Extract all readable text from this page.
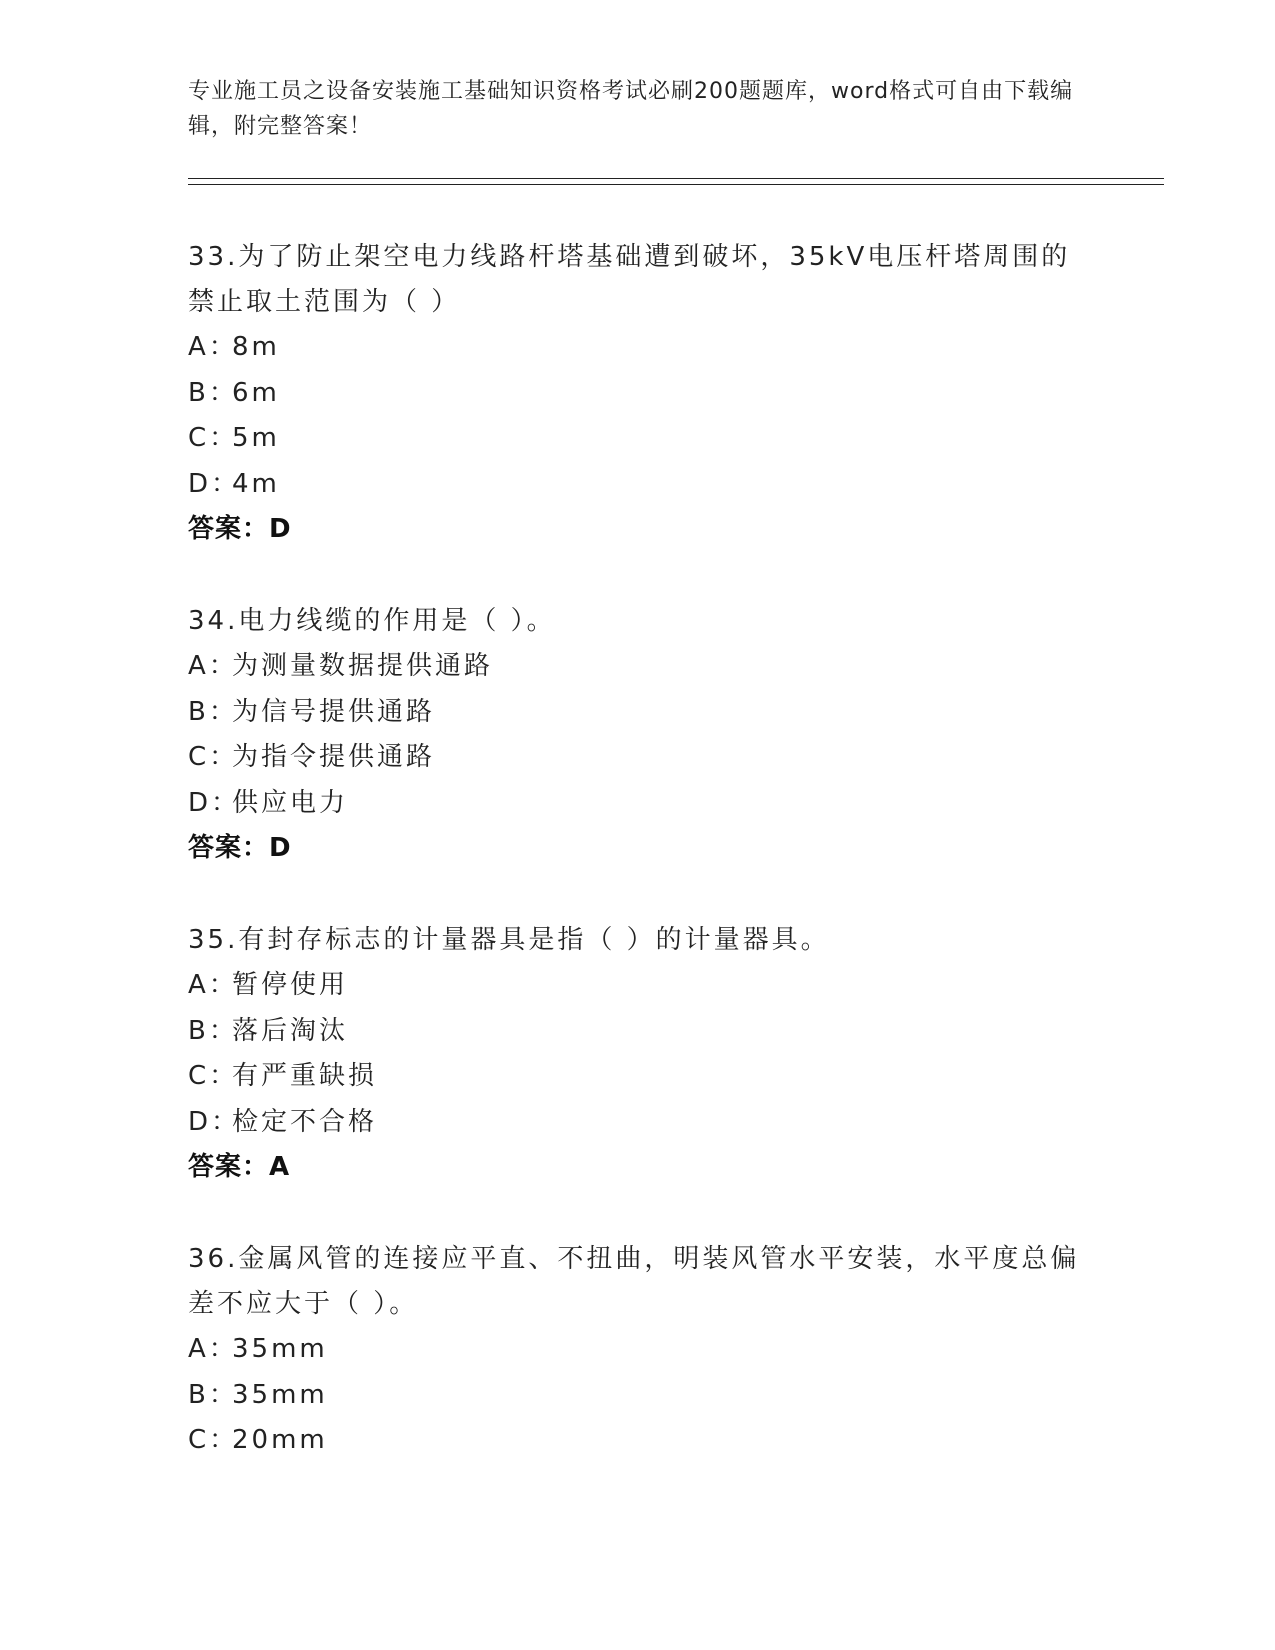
专业施工员之设备安装施工基础知识资格考试必刷200题题库，word格式可自由下载编辑，附完整答案！

33.为了防止架空电力线路杆塔基础遭到破坏，35kV电压杆塔周围的禁止取土范围为（ ）

A：8m
B：6m
C：5m
D：4m
答案：D

34.电力线缆的作用是（ ）。

A：为测量数据提供通路
B：为信号提供通路
C：为指令提供通路
D：供应电力
答案：D

35.有封存标志的计量器具是指（ ）的计量器具。

A：暂停使用
B：落后淘汰
C：有严重缺损
D：检定不合格
答案：A

36.金属风管的连接应平直、不扭曲，明装风管水平安装，水平度总偏差不应大于（ ）。

A：35mm
B：35mm
C：20mm
